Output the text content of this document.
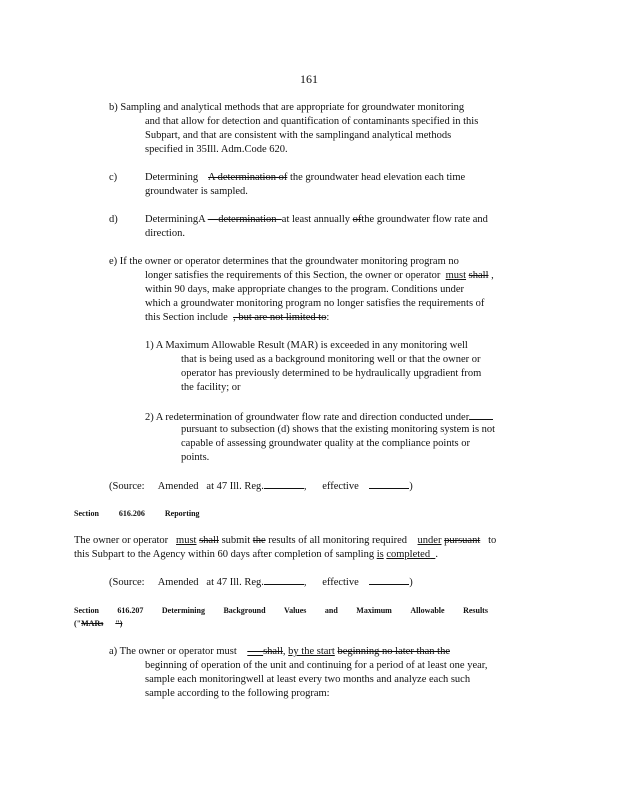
161
b) Sampling and analytical methods that are appropriate for groundwater monitoring
and that allow for detection and quantification of contaminants specified in this
Subpart, and that are consistent with the samplingand analytical methods
specified in 35Ill. Adm.Code 620.
c)	Determining A determination of the groundwater head elevation each time
groundwater is sampled.
d)	DeterminingA determination at least annually ofthe groundwater flow rate and
direction.
e) If the owner or operator determines that the groundwater monitoring program no
longer satisfies the requirements of this Section, the owner or operator must shall ,
within 90 days, make appropriate changes to the program. Conditions under
which a groundwater monitoring program no longer satisfies the requirements of
this Section include , but are not limited to:
1) A Maximum Allowable Result (MAR) is exceeded in any monitoring well
that is being used as a background monitoring well or that the owner or
operator has previously determined to be hydraulically upgradient from
the facility; or
2) A redetermination of groundwater flow rate and direction conducted under
pursuant to subsection (d) shows that the existing monitoring system is not
capable of assessing groundwater quality at the compliance points or
points.
(Source: Amended at 47 Ill. Reg.	, effective	)
Section	616.206	Reporting
The owner or operator must shall submit the results of all monitoring required under pursuant to
this Subpart to the Agency within 60 days after completion of sampling is completed .
(Source: Amended at 47 Ill. Reg.	, effective	)
Section 616.207 Determining Background Values and Maximum Allowable Results
("MARs ")
a) The owner or operator must	shall, by the start beginning no later than the
beginning of operation of the unit and continuing for a period of at least one year,
sample each monitoringwell at least every two months and analyze each such
sample according to the following program:
